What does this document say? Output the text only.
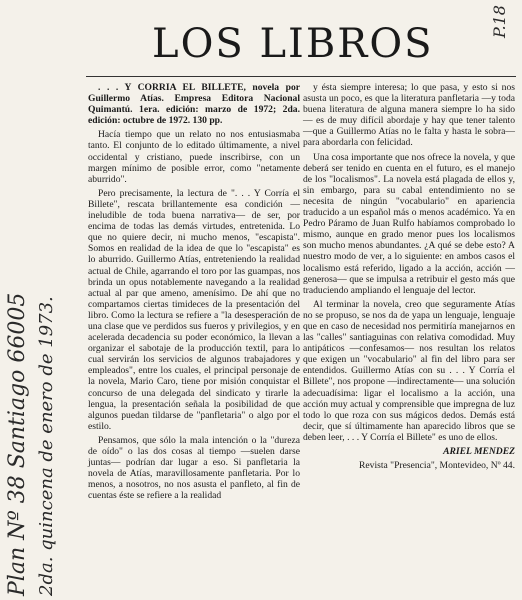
Plan Nº 38 Santiago 66005 2da. quincena de enero de 1973.
P.18
LOS LIBROS

. . . Y CORRIA EL BILLETE, novela por Guillermo Atías. Empresa Editora Nacional Quimantú. 1era. edición: marzo de 1972; 2da. edición: octubre de 1972. 130 pp.

Hacía tiempo que un relato no nos entusiasmaba tanto. El conjunto de lo editado últimamente, a nivel occidental y cristiano, puede inscribirse, con un margen mínimo de posible error, como "netamente aburrido".

Pero precisamente, la lectura de ". . . Y Corría el Billete", rescata brillantemente esa condición —ineludible de toda buena narrativa— de ser, por encima de todas las demás virtudes, entretenida. Lo que no quiere decir, ni mucho menos, "escapista". Somos en realidad de la idea de que lo "escapista" es lo aburrido. Guillermo Atías, entreteniendo la realidad actual de Chile, agarrando el toro por las guampas, nos brinda un opus notablemente navegando a la realidad actual al par que ameno, amenísimo. De ahí que no compartamos ciertas timideces de la presentación del libro. Como la lectura se refiere a "la desesperación de una clase que ve perdidos sus fueros y privilegios, y en acelerada decadencia su poder económico, la llevan a organizar el sabotaje de la producción textil, para lo cual servirán los servicios de algunos trabajadores y empleados", entre los cuales, el principal personaje de la novela, Mario Caro, tiene por misión conquistar el concurso de una delegada del sindicato y tirarle la lengua, la presentación señala la posibilidad de que algunos puedan tildarse de "panfletaria" o algo por el estilo.

Pensamos, que sólo la mala intención o la "dureza de oído" o las dos cosas al tiempo —suelen darse juntas— podrían dar lugar a eso. Si panfletaria la novela de Atías, maravillosamente panfletaria. Por lo menos, a nosotros, no nos asusta el panfleto, al fin de cuentas éste se refiere a la realidad

y ésta siempre interesa; lo que pasa, y esto si nos asusta un poco, es que la literatura panfletaria —y toda buena literatura de alguna manera siempre lo ha sido— es de muy difícil abordaje y hay que tener talento —que a Guillermo Atías no le falta y hasta le sobra— para abordarla con felicidad.

Una cosa importante que nos ofrece la novela, y que deberá ser tenido en cuenta en el futuro, es el manejo de los "localismos". La novela está plagada de ellos y, sin embargo, para su cabal entendimiento no se necesita de ningún "vocabulario" en apariencia traducido a un español más o menos académico. Ya en Pedro Páramo de Juan Rulfo habíamos comprobado lo mismo, aunque en grado menor pues los localismos son mucho menos abundantes. ¿A qué se debe esto? A nuestro modo de ver, a lo siguiente: en ambos casos el localismo está referido, ligado a la acción, acción —generosa— que se impulsa a retribuir el gesto más que traduciendo ampliando el lenguaje del lector.

Al terminar la novela, creo que seguramente Atías no se propuso, se nos da de yapa un lenguaje, lenguaje que en caso de necesidad nos permitiría manejarnos en las "calles" santiaguinas con relativa comodidad. Muy antipáticos —confesamos— nos resultan los relatos que exigen un "vocabulario" al fin del libro para ser entendidos. Guillermo Atías con su . . . Y Corría el Billete", nos propone —indirectamente— una solución adecuadísima: ligar el localismo a la acción, una acción muy actual y comprensible que impregna de luz todo lo que roza con sus mágicos dedos. Demás está decir, que sí últimamente han aparecido libros que se deben leer, . . . Y Corría el Billete" es uno de ellos.

ARIEL MENDEZ

Revista "Presencia", Montevideo, Nº 44.
